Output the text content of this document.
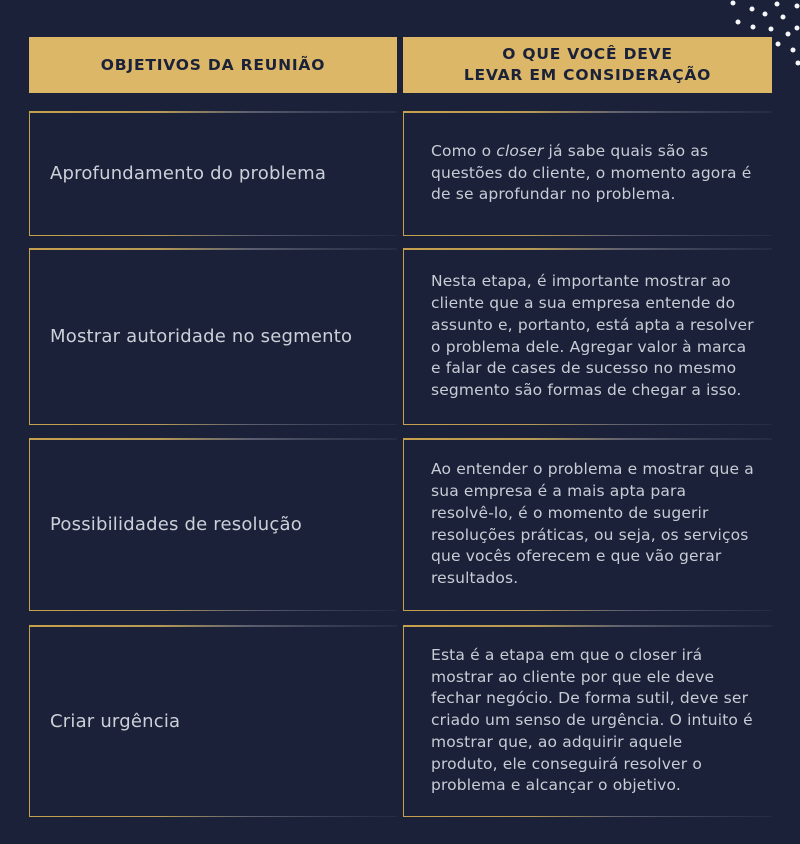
OBJETIVOS DA REUNIÃO
O QUE VOCÊ DEVE
LEVAR EM CONSIDERAÇÃO
Aprofundamento do problema
Como o closer já sabe quais são as questões do cliente, o momento agora é de se aprofundar no problema.
Mostrar autoridade no segmento
Nesta etapa, é importante mostrar ao cliente que a sua empresa entende do assunto e, portanto, está apta a resolver o problema dele. Agregar valor à marca e falar de cases de sucesso no mesmo segmento são formas de chegar a isso.
Possibilidades de resolução
Ao entender o problema e mostrar que a sua empresa é a mais apta para resolvê-lo, é o momento de sugerir resoluções práticas, ou seja, os serviços que vocês oferecem e que vão gerar resultados.
Criar urgência
Esta é a etapa em que o closer irá mostrar ao cliente por que ele deve fechar negócio. De forma sutil, deve ser criado um senso de urgência. O intuito é mostrar que, ao adquirir aquele produto, ele conseguirá resolver o problema e alcançar o objetivo.
